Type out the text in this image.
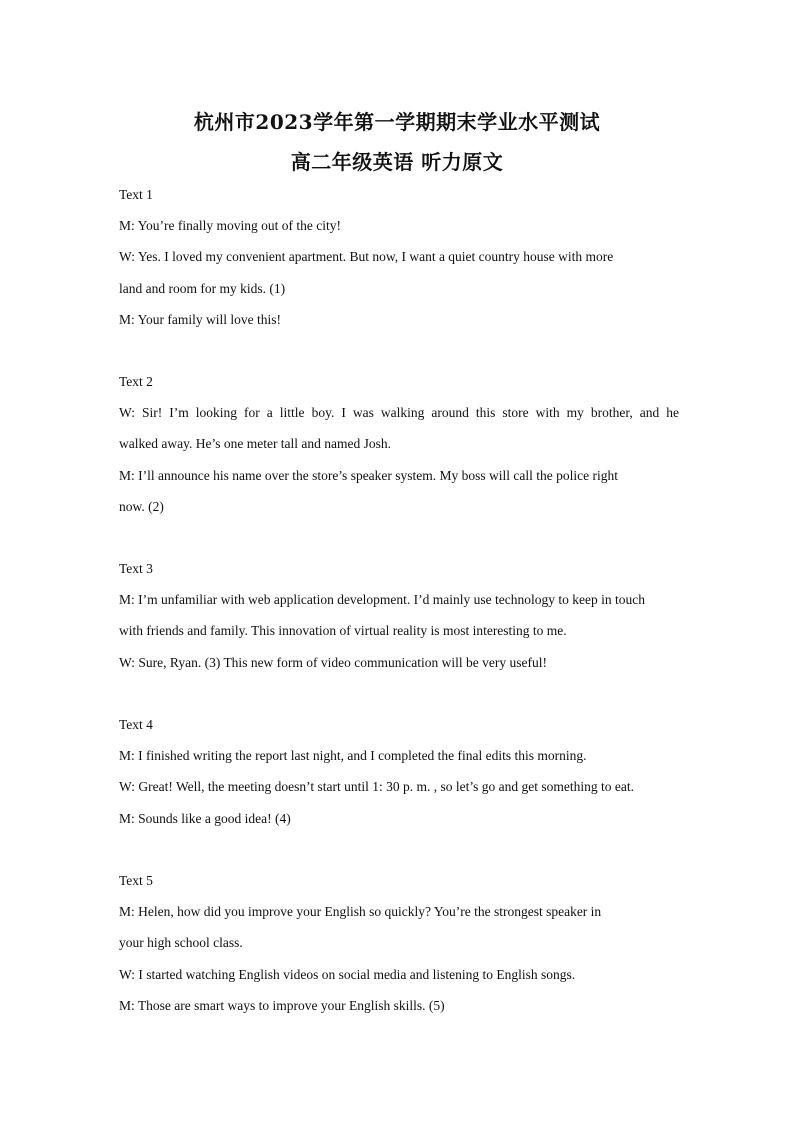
杭州市2023学年第一学期期末学业水平测试
高二年级英语 听力原文

Text 1

M: You’re finally moving out of the city!

W: Yes. I loved my convenient apartment. But now, I want a quiet country house with more

land and room for my kids. (1)

M: Your family will love this!

Text 2

W: Sir! I’m looking for a little boy. I was walking around this store with my brother, and he

walked away. He’s one meter tall and named Josh.

M: I’ll announce his name over the store’s speaker system. My boss will call the police right

now. (2)

Text 3

M: I’m unfamiliar with web application development. I’d mainly use technology to keep in touch

with friends and family. This innovation of virtual reality is most interesting to me.

W: Sure, Ryan. (3) This new form of video communication will be very useful!

Text 4

M: I finished writing the report last night, and I completed the final edits this morning.

W: Great! Well, the meeting doesn’t start until 1: 30 p. m. , so let’s go and get something to eat.

M: Sounds like a good idea! (4)

Text 5

M: Helen, how did you improve your English so quickly? You’re the strongest speaker in

your high school class.

W: I started watching English videos on social media and listening to English songs.

M: Those are smart ways to improve your English skills. (5)
